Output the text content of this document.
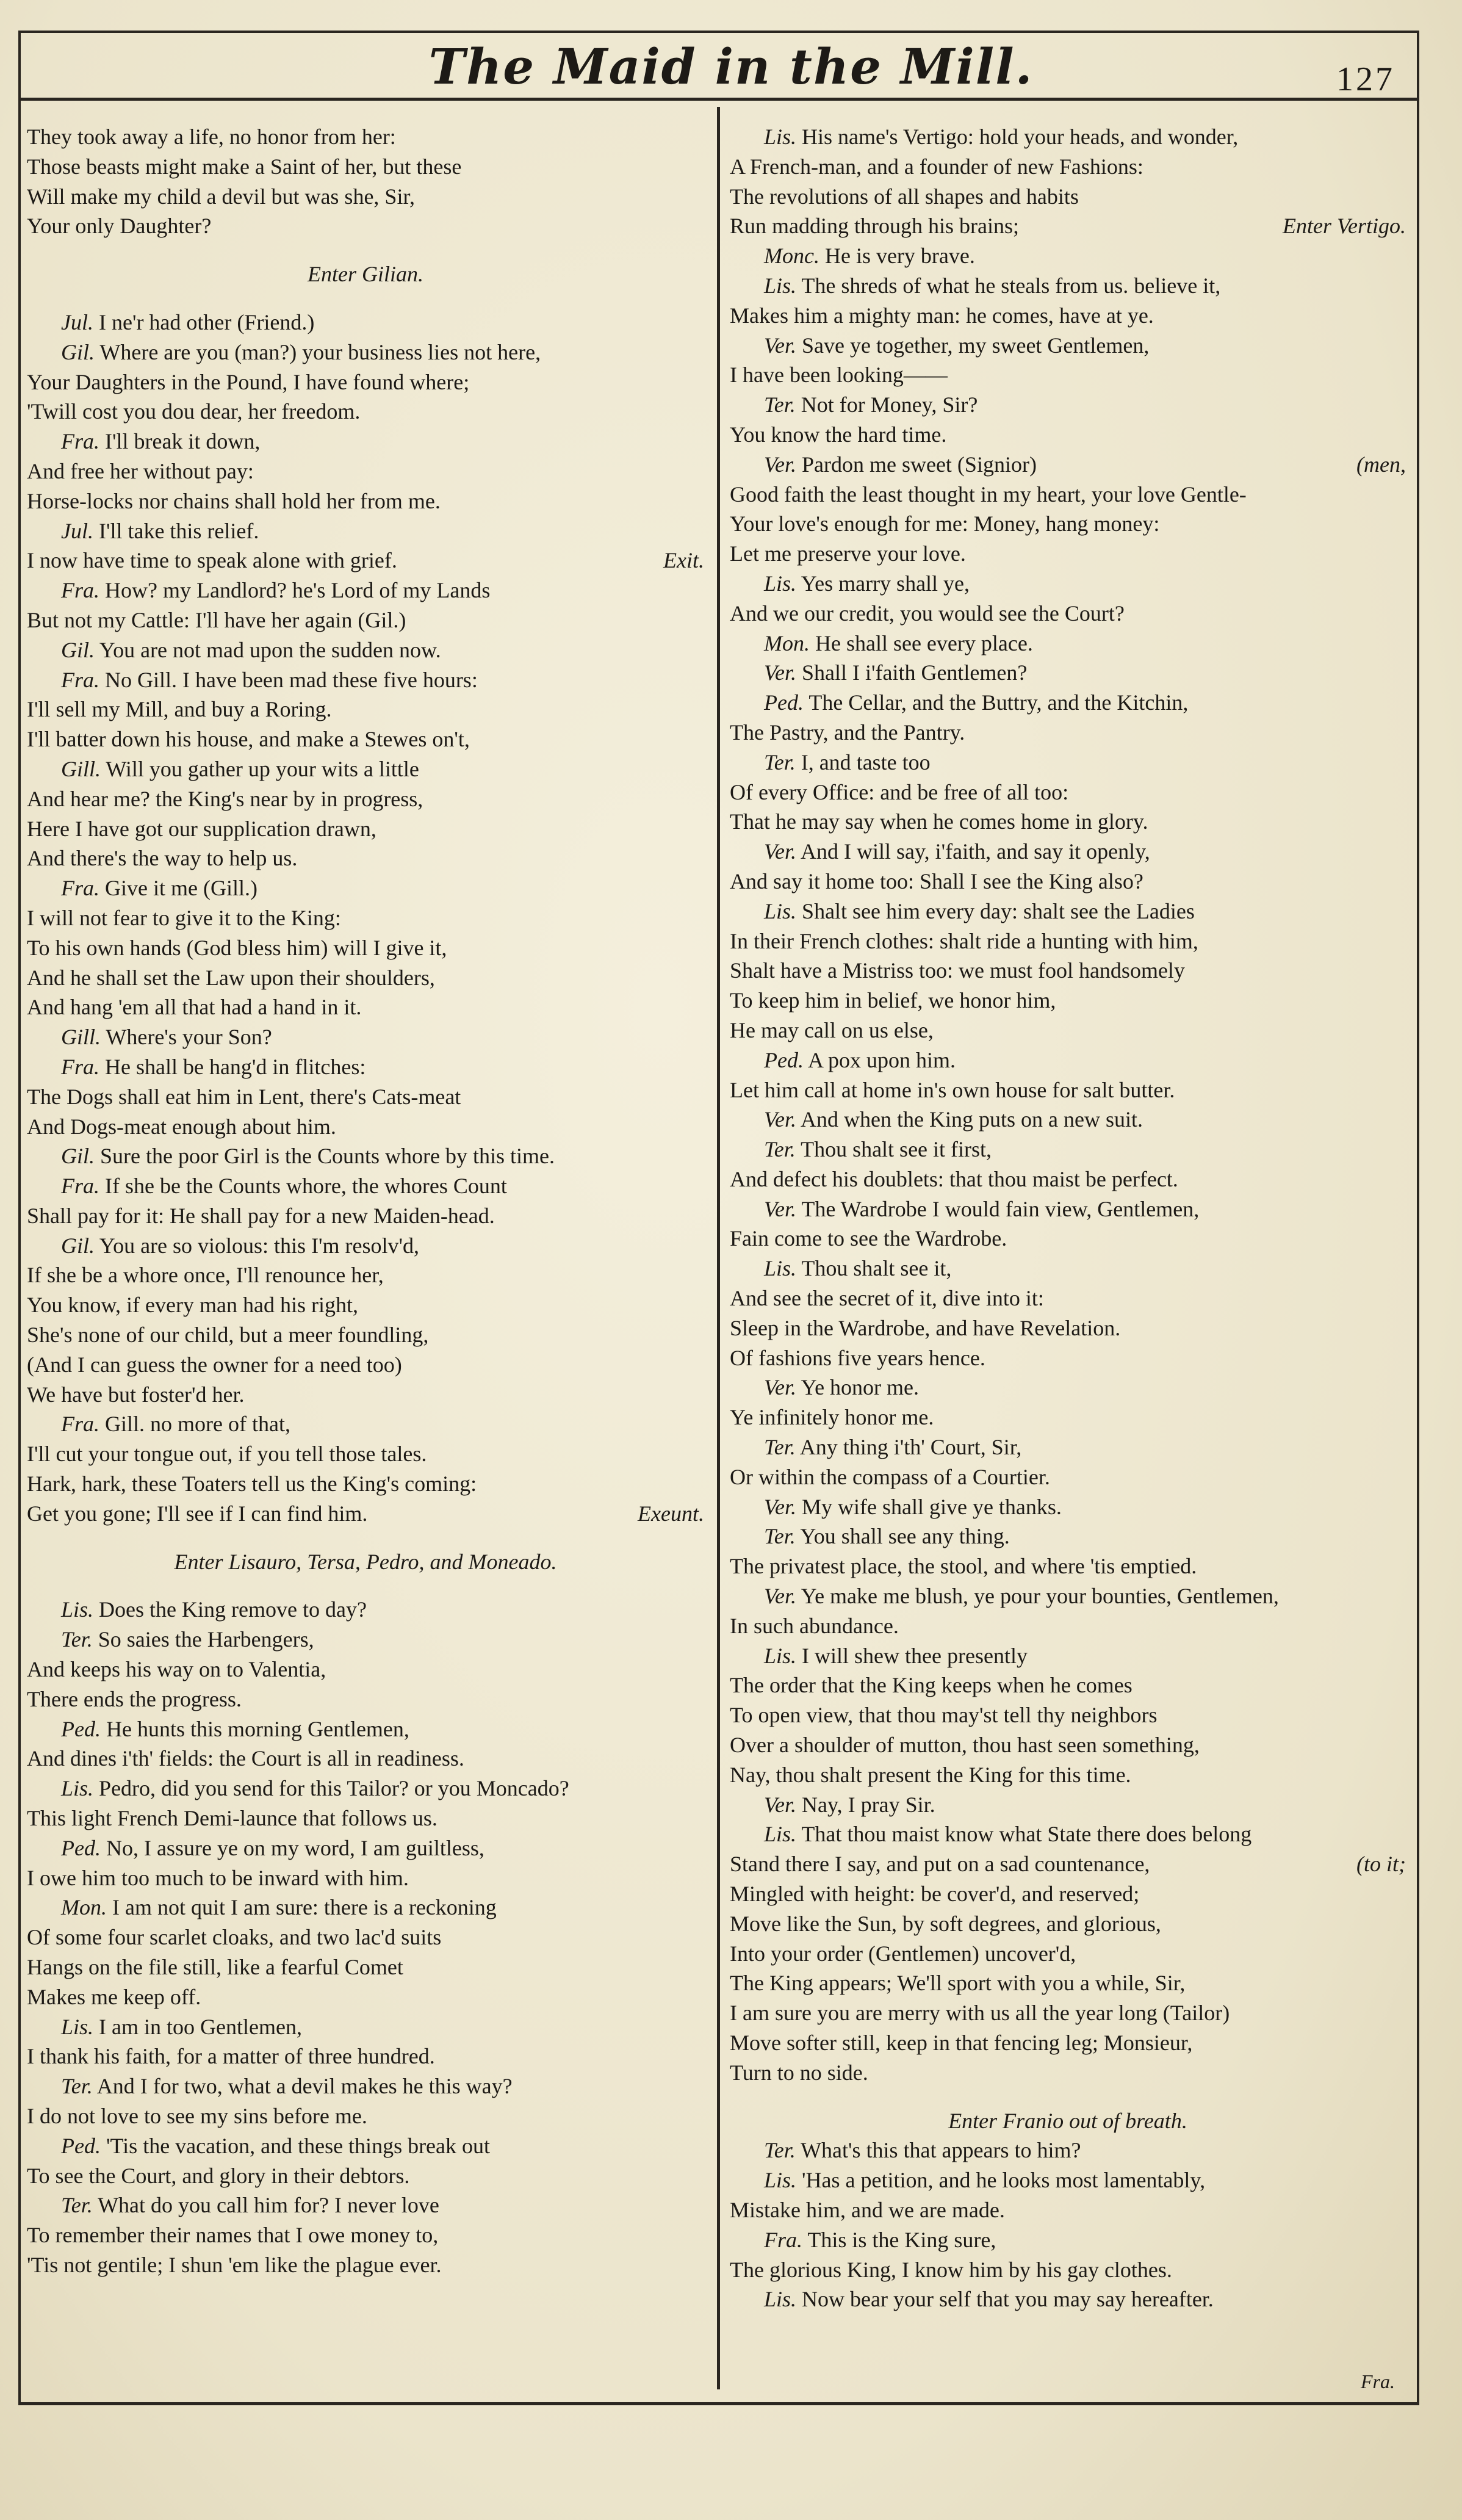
The Maid in the Mill.	127
They took away a life, no honor from her:
Those beasts might make a Saint of her, but these
Will make my child a devil but was she, Sir,
Your only Daughter?
Enter Gilian.
Jul. I ne'r had other (Friend.)
Gil. Where are you (man?) your business lies not here,
Your Daughters in the Pound, I have found where;
'Twill cost you dou dear, her freedom.
Fra. I'll break it down,
And free her without pay:
Horse-locks nor chains shall hold her from me.
Jul. I'll take this relief.
Exit.
I now have time to speak alone with grief.
Fra. How? my Landlord? he's Lord of my Lands
But not my Cattle: I'll have her again (Gil.)
Gil. You are not mad upon the sudden now.
Fra. No Gill. I have been mad these five hours:
I'll sell my Mill, and buy a Roring.
I'll batter down his house, and make a Stewes on't,
Gill. Will you gather up your wits a little
And hear me? the King's near by in progress,
Here I have got our supplication drawn,
And there's the way to help us.
Fra. Give it me (Gill.)
I will not fear to give it to the King:
To his own hands (God bless him) will I give it,
And he shall set the Law upon their shoulders,
And hang 'em all that had a hand in it.
Gill. Where's your Son?
Fra. He shall be hang'd in flitches:
The Dogs shall eat him in Lent, there's Cats-meat
And Dogs-meat enough about him.
Gil. Sure the poor Girl is the Counts whore by this time.
Fra. If she be the Counts whore, the whores Count
Shall pay for it: He shall pay for a new Maiden-head.
Gil. You are so violous: this I'm resolv'd,
If she be a whore once, I'll renounce her,
You know, if every man had his right,
She's none of our child, but a meer foundling,
(And I can guess the owner for a need too)
We have but foster'd her.
Fra. Gill. no more of that,
I'll cut your tongue out, if you tell those tales.
Hark, hark, these Toaters tell us the King's coming:
Exeunt.
Get you gone; I'll see if I can find him.
Enter Lisauro, Tersa, Pedro, and Moneado.
Lis. Does the King remove to day?
Ter. So saies the Harbengers,
And keeps his way on to Valentia,
There ends the progress.
Ped. He hunts this morning Gentlemen,
And dines i'th' fields: the Court is all in readiness.
Lis. Pedro, did you send for this Tailor? or you Moncado?
This light French Demi-launce that follows us.
Ped. No, I assure ye on my word, I am guiltless,
I owe him too much to be inward with him.
Mon. I am not quit I am sure: there is a reckoning
Of some four scarlet cloaks, and two lac'd suits
Hangs on the file still, like a fearful Comet
Makes me keep off.
Lis. I am in too Gentlemen,
I thank his faith, for a matter of three hundred.
Ter. And I for two, what a devil makes he this way?
I do not love to see my sins before me.
Ped. 'Tis the vacation, and these things break out
To see the Court, and glory in their debtors.
Ter. What do you call him for? I never love
To remember their names that I owe money to,
'Tis not gentile; I shun 'em like the plague ever.
Lis. His name's Vertigo: hold your heads, and wonder,
A French-man, and a founder of new Fashions:
The revolutions of all shapes and habits
Enter Vertigo.
Run madding through his brains;
Monc. He is very brave.
Lis. The shreds of what he steals from us. believe it,
Makes him a mighty man: he comes, have at ye.
Ver. Save ye together, my sweet Gentlemen,
I have been looking——
Ter. Not for Money, Sir?
You know the hard time.
(men,
Ver. Pardon me sweet (Signior)
Good faith the least thought in my heart, your love Gentle-
Your love's enough for me: Money, hang money:
Let me preserve your love.
Lis. Yes marry shall ye,
And we our credit, you would see the Court?
Mon. He shall see every place.
Ver. Shall I i'faith Gentlemen?
Ped. The Cellar, and the Buttry, and the Kitchin,
The Pastry, and the Pantry.
Ter. I, and taste too
Of every Office: and be free of all too:
That he may say when he comes home in glory.
Ver. And I will say, i'faith, and say it openly,
And say it home too: Shall I see the King also?
Lis. Shalt see him every day: shalt see the Ladies
In their French clothes: shalt ride a hunting with him,
Shalt have a Mistriss too: we must fool handsomely
To keep him in belief, we honor him,
He may call on us else,
Ped. A pox upon him.
Let him call at home in's own house for salt butter.
Ver. And when the King puts on a new suit.
Ter. Thou shalt see it first,
And defect his doublets: that thou maist be perfect.
Ver. The Wardrobe I would fain view, Gentlemen,
Fain come to see the Wardrobe.
Lis. Thou shalt see it,
And see the secret of it, dive into it:
Sleep in the Wardrobe, and have Revelation.
Of fashions five years hence.
Ver. Ye honor me.
Ye infinitely honor me.
Ter. Any thing i'th' Court, Sir,
Or within the compass of a Courtier.
Ver. My wife shall give ye thanks.
Ter. You shall see any thing.
The privatest place, the stool, and where 'tis emptied.
Ver. Ye make me blush, ye pour your bounties, Gentlemen,
In such abundance.
Lis. I will shew thee presently
The order that the King keeps when he comes
To open view, that thou may'st tell thy neighbors
Over a shoulder of mutton, thou hast seen something,
Nay, thou shalt present the King for this time.
Ver. Nay, I pray Sir.
Lis. That thou maist know what State there does belong
(to it;
Stand there I say, and put on a sad countenance,
Mingled with height: be cover'd, and reserved;
Move like the Sun, by soft degrees, and glorious,
Into your order (Gentlemen) uncover'd,
The King appears; We'll sport with you a while, Sir,
I am sure you are merry with us all the year long (Tailor)
Move softer still, keep in that fencing leg; Monsieur,
Turn to no side.
Enter Franio out of breath.
Ter. What's this that appears to him?
Lis. 'Has a petition, and he looks most lamentably,
Mistake him, and we are made.
Fra. This is the King sure,
The glorious King, I know him by his gay clothes.
Lis. Now bear your self that you may say hereafter.
Fra.
